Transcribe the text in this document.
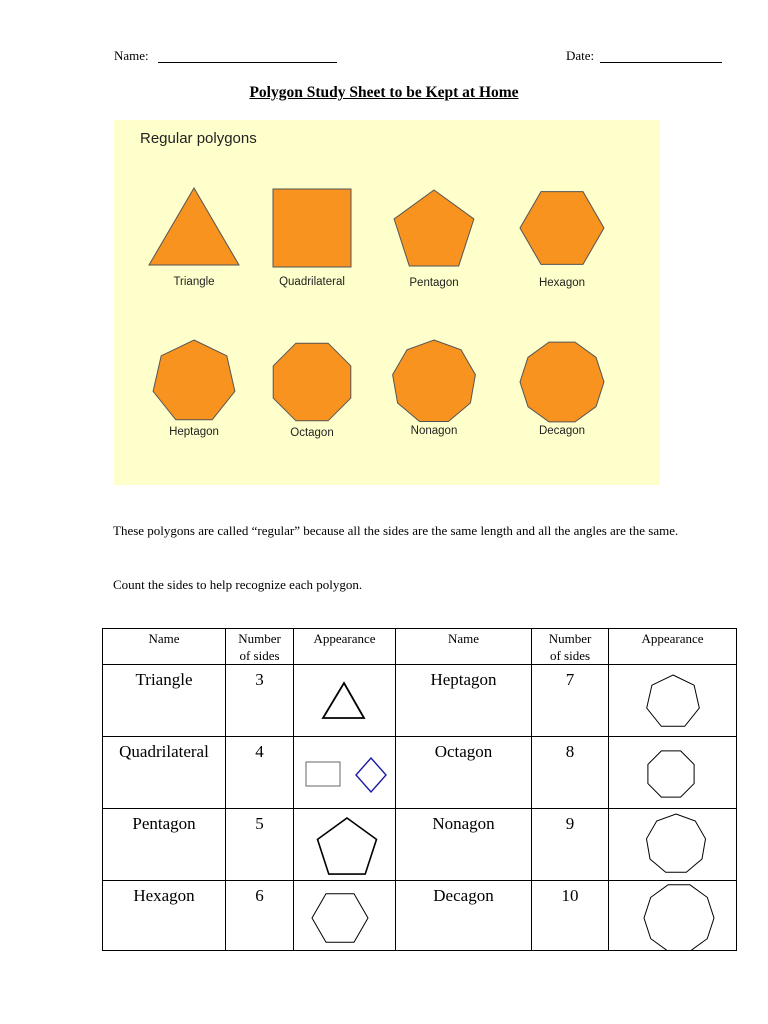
Name:	Date:
Polygon Study Sheet to be Kept at Home
Regular polygons
Triangle	Quadrilateral	Pentagon	Hexagon
Heptagon	Octagon	Nonagon	Decagon
These polygons are called “regular” because all the sides are the same length and all the angles are the same.
Count the sides to help recognize each polygon.
Name	Number
of sides
Appearance	Name	Number
of sides
Appearance
Triangle	3	Heptagon	7
Quadrilateral	4	Octagon	8
Pentagon	5	Nonagon	9
Hexagon	6	Decagon	10
